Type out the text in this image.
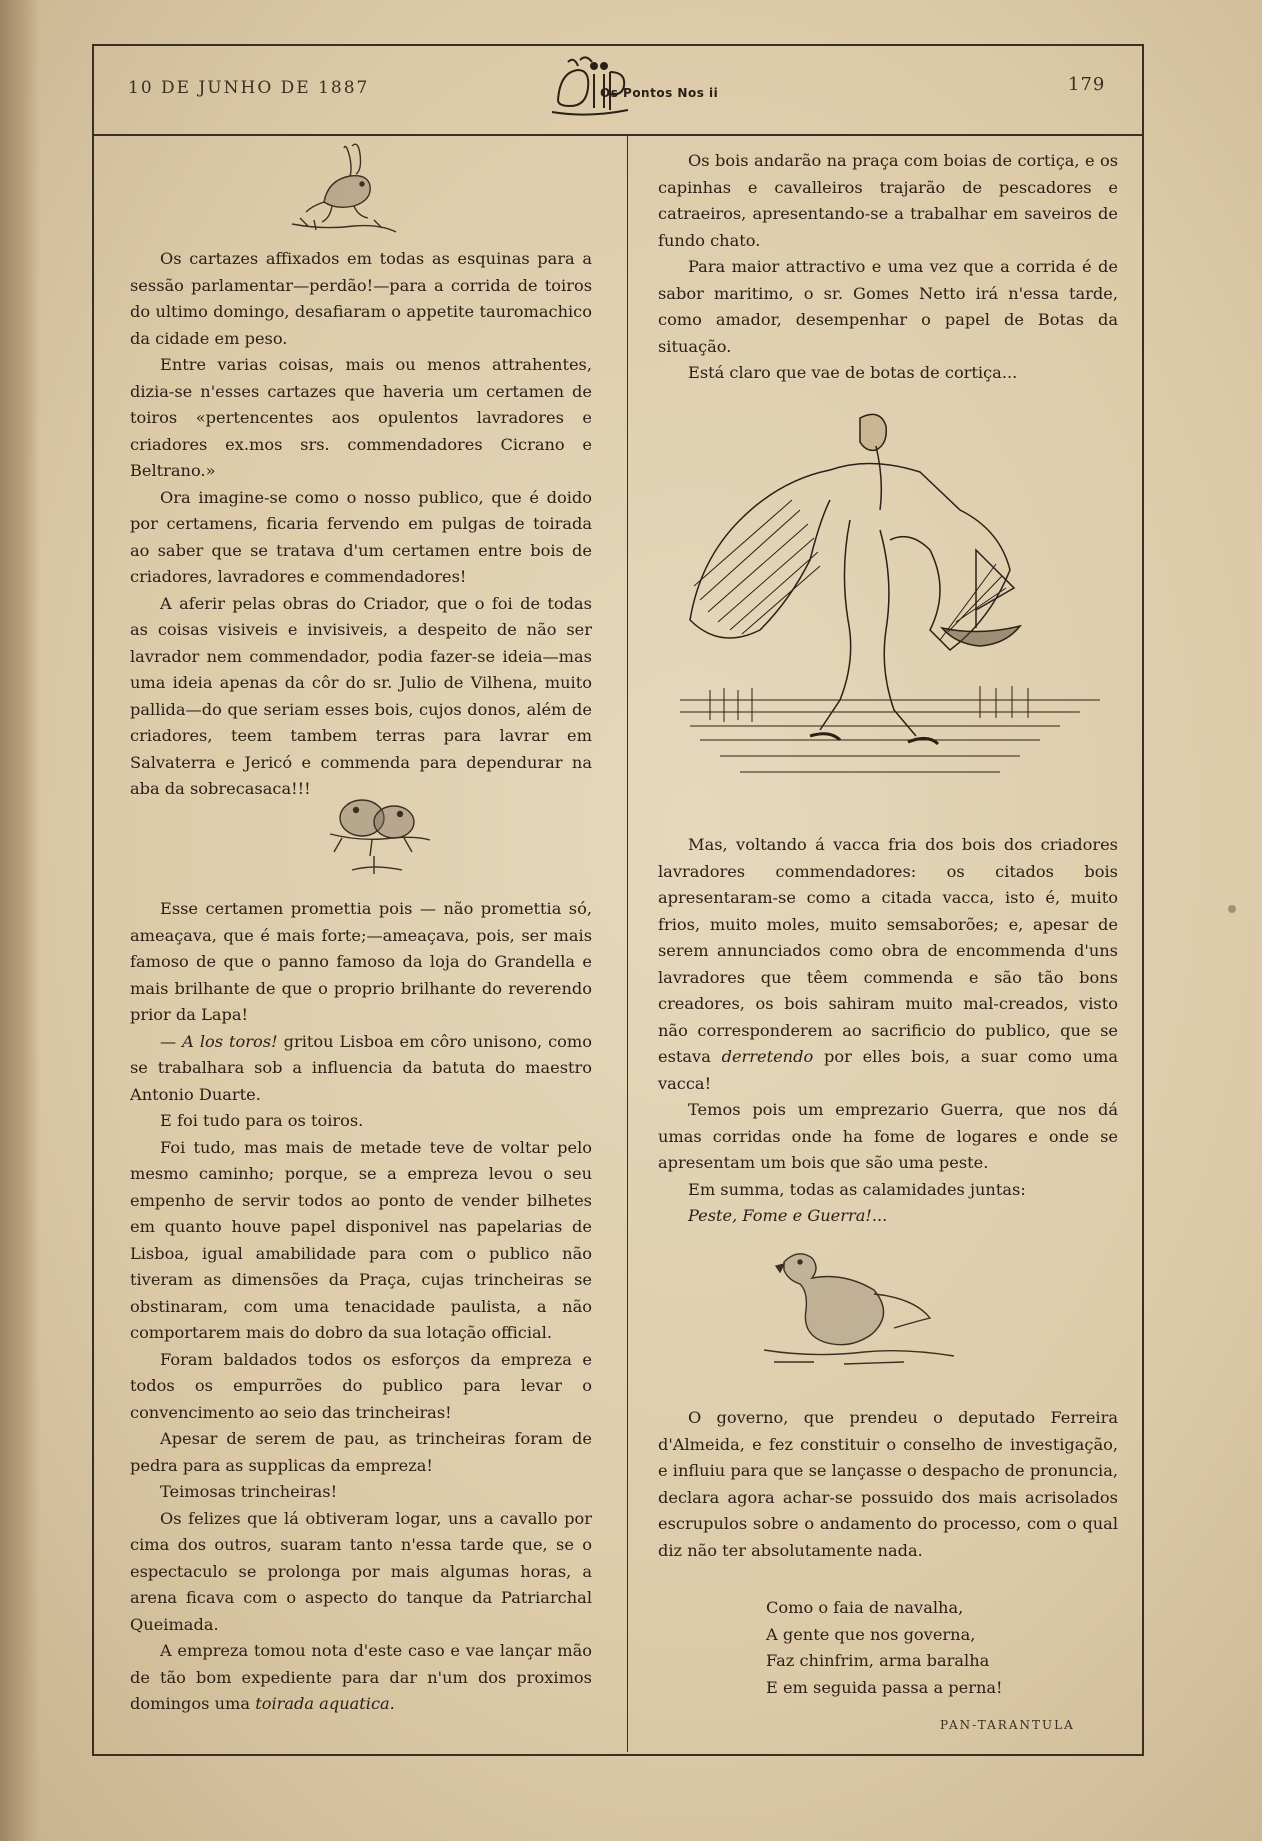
10 DE JUNHO DE 1887	179
Os Pontos Nos ii

Os cartazes affixados em todas as esquinas para a sessão parlamentar—perdão!—para a corrida de toiros do ultimo domingo, desafiaram o appetite tauromachico da cidade em peso.

Entre varias coisas, mais ou menos attrahentes, dizia-se n'esses cartazes que haveria um certamen de toiros «pertencentes aos opulentos lavradores e criadores ex.mos srs. commendadores Cicrano e Beltrano.»

Ora imagine-se como o nosso publico, que é doido por certamens, ficaria fervendo em pulgas de toirada ao saber que se tratava d'um certamen entre bois de criadores, lavradores e commendadores!

A aferir pelas obras do Criador, que o foi de todas as coisas visiveis e invisiveis, a despeito de não ser lavrador nem commendador, podia fazer-se ideia—mas uma ideia apenas da côr do sr. Julio de Vilhena, muito pallida—do que seriam esses bois, cujos donos, além de criadores, teem tambem terras para lavrar em Salvaterra e Jericó e commenda para dependurar na aba da sobrecasaca!!!

Esse certamen promettia pois — não promettia só, ameaçava, que é mais forte;—ameaçava, pois, ser mais famoso de que o panno famoso da loja do Grandella e mais brilhante de que o proprio brilhante do reverendo prior da Lapa!

— A los toros! gritou Lisboa em côro unisono, como se trabalhara sob a influencia da batuta do maestro Antonio Duarte.

E foi tudo para os toiros.

Foi tudo, mas mais de metade teve de voltar pelo mesmo caminho; porque, se a empreza levou o seu empenho de servir todos ao ponto de vender bilhetes em quanto houve papel disponivel nas papelarias de Lisboa, igual amabilidade para com o publico não tiveram as dimensões da Praça, cujas trincheiras se obstinaram, com uma tenacidade paulista, a não comportarem mais do dobro da sua lotação official.

Foram baldados todos os esforços da empreza e todos os empurrões do publico para levar o convencimento ao seio das trincheiras!

Apesar de serem de pau, as trincheiras foram de pedra para as supplicas da empreza!

Teimosas trincheiras!

Os felizes que lá obtiveram logar, uns a cavallo por cima dos outros, suaram tanto n'essa tarde que, se o espectaculo se prolonga por mais algumas horas, a arena ficava com o aspecto do tanque da Patriarchal Queimada.

A empreza tomou nota d'este caso e vae lançar mão de tão bom expediente para dar n'um dos proximos domingos uma toirada aquatica.

Os bois andarão na praça com boias de cortiça, e os capinhas e cavalleiros trajarão de pescadores e catraeiros, apresentando-se a trabalhar em saveiros de fundo chato.

Para maior attractivo e uma vez que a corrida é de sabor maritimo, o sr. Gomes Netto irá n'essa tarde, como amador, desempenhar o papel de Botas da situação.

Está claro que vae de botas de cortiça...

Mas, voltando á vacca fria dos bois dos criadores lavradores commendadores: os citados bois apresentaram-se como a citada vacca, isto é, muito frios, muito moles, muito semsaborões; e, apesar de serem annunciados como obra de encommenda d'uns lavradores que têem commenda e são tão bons creadores, os bois sahiram muito mal-creados, visto não corresponderem ao sacrificio do publico, que se estava derretendo por elles bois, a suar como uma vacca!

Temos pois um emprezario Guerra, que nos dá umas corridas onde ha fome de logares e onde se apresentam um bois que são uma peste.

Em summa, todas as calamidades juntas:

Peste, Fome e Guerra!...

O governo, que prendeu o deputado Ferreira d'Almeida, e fez constituir o conselho de investigação, e influiu para que se lançasse o despacho de pronuncia, declara agora achar-se possuido dos mais acrisolados escrupulos sobre o andamento do processo, com o qual diz não ter absolutamente nada.

Como o faia de navalha,
A gente que nos governa,
Faz chinfrim, arma baralha
E em seguida passa a perna!
PAN-TARANTULA
